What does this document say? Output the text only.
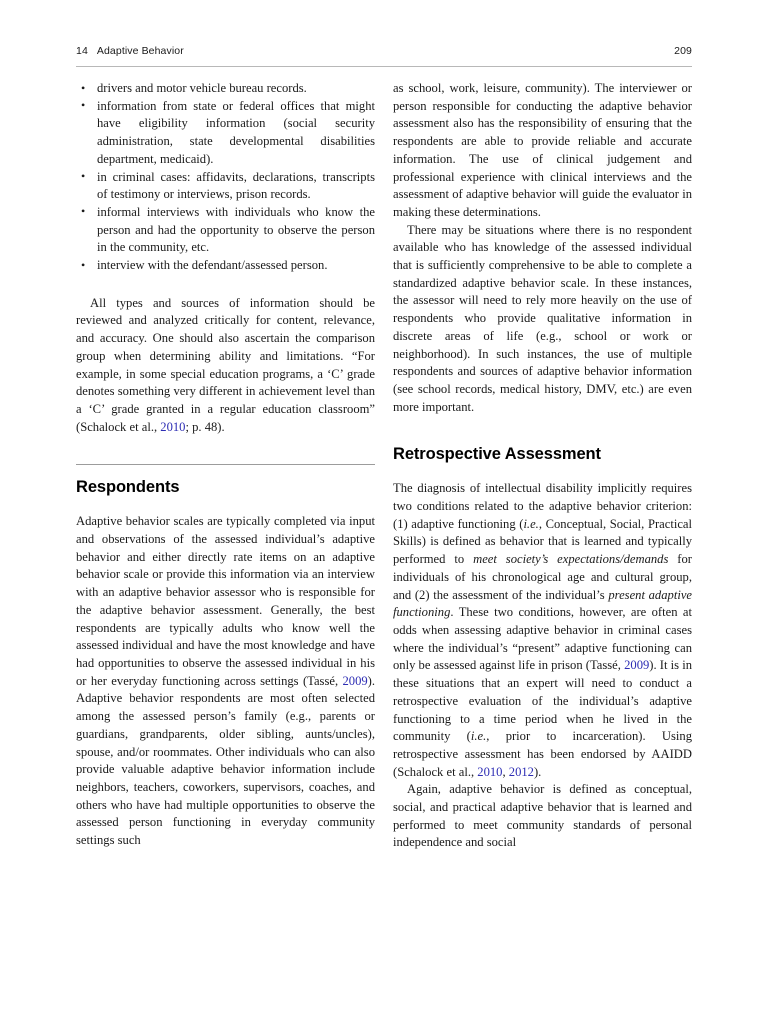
14 Adaptive Behavior	209
• drivers and motor vehicle bureau records.
• information from state or federal offices that might have eligibility information (social security administration, state developmental disabilities department, medicaid).
• in criminal cases: affidavits, declarations, transcripts of testimony or interviews, prison records.
• informal interviews with individuals who know the person and had the opportunity to observe the person in the community, etc.
• interview with the defendant/assessed person.

All types and sources of information should be reviewed and analyzed critically for content, relevance, and accuracy. One should also ascertain the comparison group when determining ability and limitations. “For example, in some special education programs, a ‘C’ grade denotes something very different in achievement level than a ‘C’ grade granted in a regular education classroom” (Schalock et al., 2010; p. 48).

Respondents

Adaptive behavior scales are typically completed via input and observations of the assessed individual’s adaptive behavior and either directly rate items on an adaptive behavior scale or provide this information via an interview with an adaptive behavior assessor who is responsible for the adaptive behavior assessment. Generally, the best respondents are typically adults who know well the assessed individual and have the most knowledge and have had opportunities to observe the assessed individual in his or her everyday functioning across settings (Tassé, 2009). Adaptive behavior respondents are most often selected among the assessed person’s family (e.g., parents or guardians, grandparents, older sibling, aunts/uncles), spouse, and/or roommates. Other individuals who can also provide valuable adaptive behavior information include neighbors, teachers, coworkers, supervisors, coaches, and others who have had multiple opportunities to observe the assessed person functioning in everyday community settings such

as school, work, leisure, community). The interviewer or person responsible for conducting the adaptive behavior assessment also has the responsibility of ensuring that the respondents are able to provide reliable and accurate information. The use of clinical judgement and professional experience with clinical interviews and the assessment of adaptive behavior will guide the evaluator in making these determinations.

There may be situations where there is no respondent available who has knowledge of the assessed individual that is sufficiently comprehensive to be able to complete a standardized adaptive behavior scale. In these instances, the assessor will need to rely more heavily on the use of respondents who provide qualitative information in discrete areas of life (e.g., school or work or neighborhood). In such instances, the use of multiple respondents and sources of adaptive behavior information (see school records, medical history, DMV, etc.) are even more important.

Retrospective Assessment

The diagnosis of intellectual disability implicitly requires two conditions related to the adaptive behavior criterion: (1) adaptive functioning (i.e., Conceptual, Social, Practical Skills) is defined as behavior that is learned and typically performed to meet society’s expectations/demands for individuals of his chronological age and cultural group, and (2) the assessment of the individual’s present adaptive functioning. These two conditions, however, are often at odds when assessing adaptive behavior in criminal cases where the individual’s “present” adaptive functioning can only be assessed against life in prison (Tassé, 2009). It is in these situations that an expert will need to conduct a retrospective evaluation of the individual’s adaptive functioning to a time period when he lived in the community (i.e., prior to incarceration). Using retrospective assessment has been endorsed by AAIDD (Schalock et al., 2010, 2012).

Again, adaptive behavior is defined as conceptual, social, and practical adaptive behavior that is learned and performed to meet community standards of personal independence and social
